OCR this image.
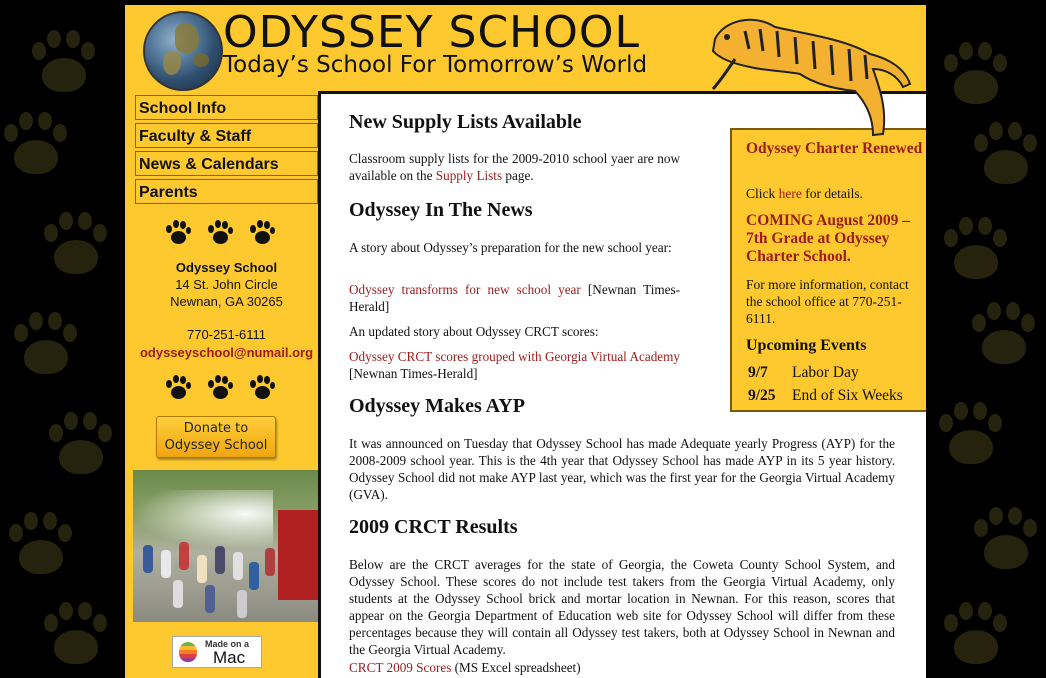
ODYSSEY SCHOOL
Today’s School For Tomorrow’s World
School Info
Faculty & Staff
News & Calendars
Parents
Odyssey School
14 St. John Circle
Newnan, GA 30265
770-251-6111
odysseyschool@numail.org
Donate to
Odyssey School
Made on a
Mac
New Supply Lists Available

Classroom supply lists for the 2009-2010 school yaer are now available on the Supply Lists page.

Odyssey In The News

A story about Odyssey’s preparation for the new school year:

Odyssey transforms for new school year [Newnan Times-Herald]

An updated story about Odyssey CRCT scores:

Odyssey CRCT scores grouped with Georgia Virtual Academy [Newnan Times-Herald]

Odyssey Makes AYP

It was announced on Tuesday that Odyssey School has made Adequate yearly Progress (AYP) for the 2008-2009 school year. This is the 4th year that Odyssey School has made AYP in its 5 year history. Odyssey School did not make AYP last year, which was the first year for the Georgia Virtual Academy (GVA).

2009 CRCT Results

Below are the CRCT averages for the state of Georgia, the Coweta County School System, and Odyssey School. These scores do not include test takers from the Georgia Virtual Academy, only students at the Odyssey School brick and mortar location in Newnan. For this reason, scores that appear on the Georgia Department of Education web site for Odyssey School will differ from these percentages because they will contain all Odyssey test takers, both at Odyssey School in Newnan and the Georgia Virtual Academy.

CRCT 2009 Scores (MS Excel spreadsheet)

Odyssey Charter Renewed
Click here for details.
COMING August 2009 – 7th Grade at Odyssey Charter School.
For more information, contact the school office at 770-251-6111.
Upcoming Events
9/7 Labor Day
9/25 End of Six Weeks
